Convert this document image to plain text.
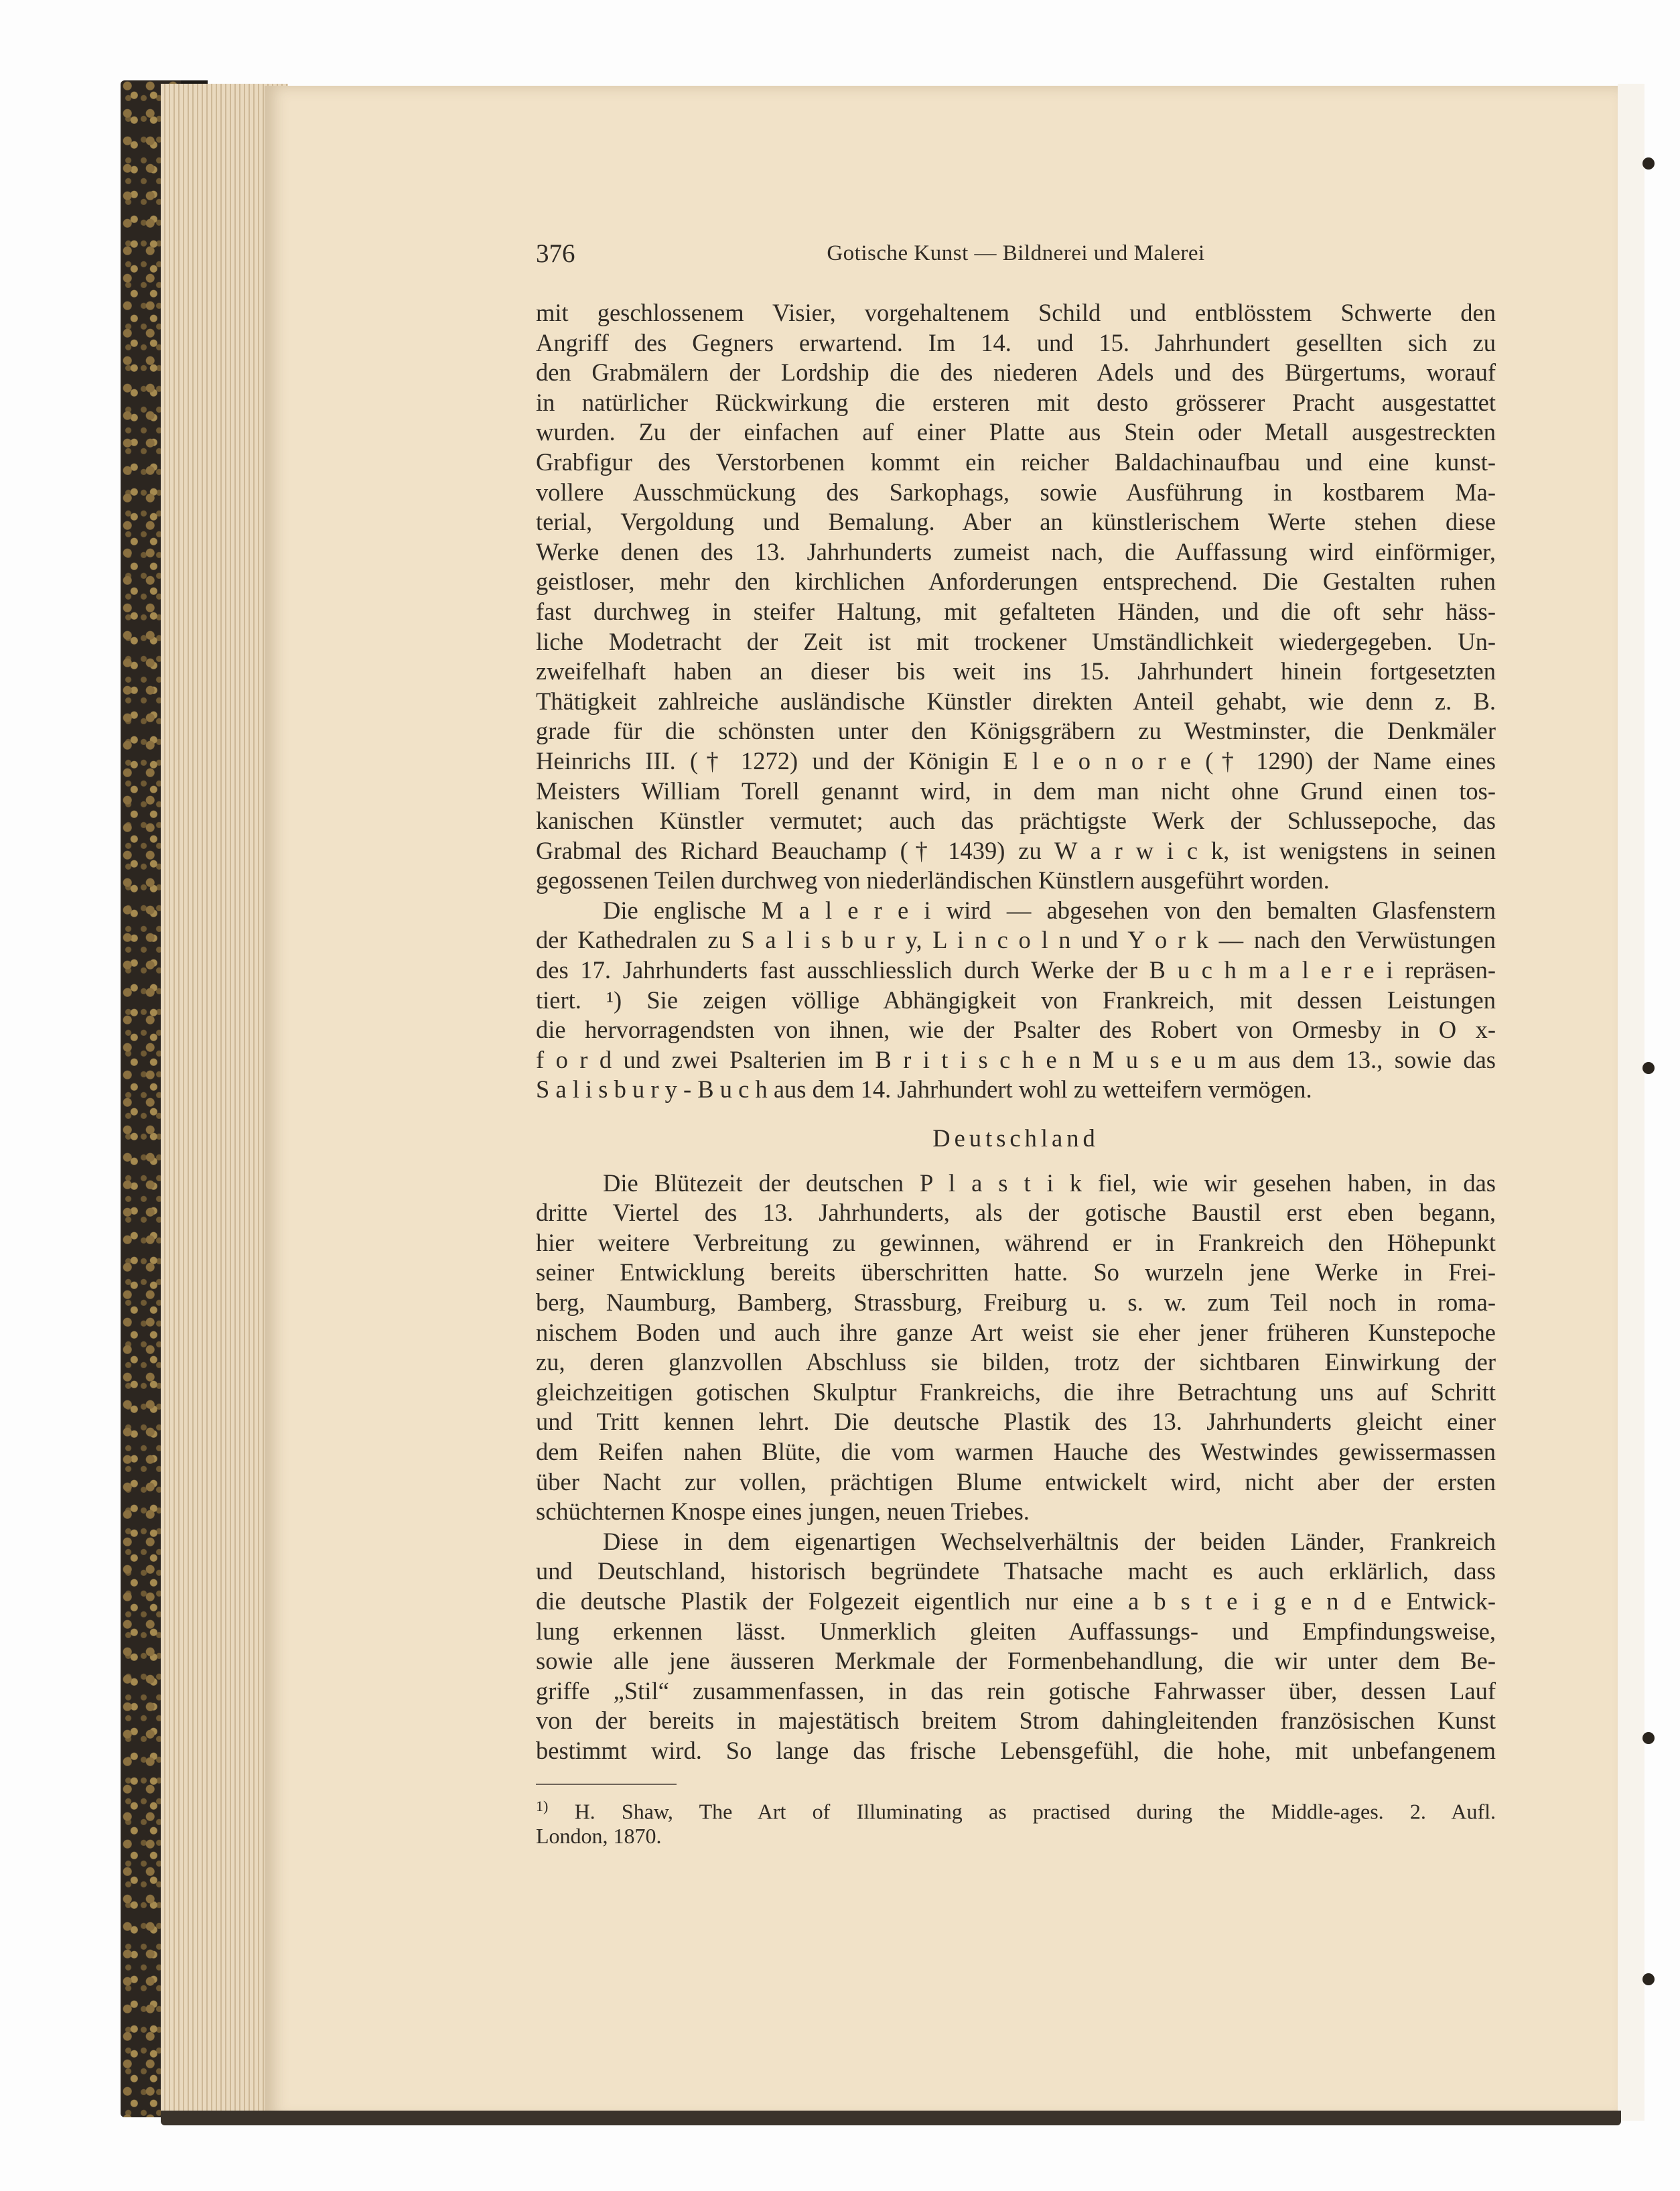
376	Gotische Kunst — Bildnerei und Malerei
mit geschlossenem Visier, vorgehaltenem Schild und entblösstem Schwerte den
Angriff des Gegners erwartend. Im 14. und 15. Jahrhundert gesellten sich zu
den Grabmälern der Lordship die des niederen Adels und des Bürgertums, worauf
in natürlicher Rückwirkung die ersteren mit desto grösserer Pracht ausgestattet
wurden. Zu der einfachen auf einer Platte aus Stein oder Metall ausgestreckten
Grabfigur des Verstorbenen kommt ein reicher Baldachinaufbau und eine kunst-
vollere Ausschmückung des Sarkophags, sowie Ausführung in kostbarem Ma-
terial, Vergoldung und Bemalung. Aber an künstlerischem Werte stehen diese
Werke denen des 13. Jahrhunderts zumeist nach, die Auffassung wird einförmiger,
geistloser, mehr den kirchlichen Anforderungen entsprechend. Die Gestalten ruhen
fast durchweg in steifer Haltung, mit gefalteten Händen, und die oft sehr häss-
liche Modetracht der Zeit ist mit trockener Umständlichkeit wiedergegeben. Un-
zweifelhaft haben an dieser bis weit ins 15. Jahrhundert hinein fortgesetzten
Thätigkeit zahlreiche ausländische Künstler direkten Anteil gehabt, wie denn z. B.
grade für die schönsten unter den Königsgräbern zu Westminster, die Denkmäler
Heinrichs III. († 1272) und der Königin E l e o n o r e († 1290) der Name eines
Meisters William Torell genannt wird, in dem man nicht ohne Grund einen tos-
kanischen Künstler vermutet; auch das prächtigste Werk der Schlussepoche, das
Grabmal des Richard Beauchamp († 1439) zu W a r w i c k, ist wenigstens in seinen
gegossenen Teilen durchweg von niederländischen Künstlern ausgeführt worden.
Die englische M a l e r e i wird — abgesehen von den bemalten Glasfenstern
der Kathedralen zu S a l i s b u r y, L i n c o l n und Y o r k — nach den Verwüstungen
des 17. Jahrhunderts fast ausschliesslich durch Werke der B u c h m a l e r e i repräsen-
tiert. ¹) Sie zeigen völlige Abhängigkeit von Frankreich, mit dessen Leistungen
die hervorragendsten von ihnen, wie der Psalter des Robert von Ormesby in O x-
f o r d und zwei Psalterien im B r i t i s c h e n M u s e u m aus dem 13., sowie das
S a l i s b u r y - B u c h aus dem 14. Jahrhundert wohl zu wetteifern vermögen.
Deutschland
Die Blütezeit der deutschen P l a s t i k fiel, wie wir gesehen haben, in das
dritte Viertel des 13. Jahrhunderts, als der gotische Baustil erst eben begann,
hier weitere Verbreitung zu gewinnen, während er in Frankreich den Höhepunkt
seiner Entwicklung bereits überschritten hatte. So wurzeln jene Werke in Frei-
berg, Naumburg, Bamberg, Strassburg, Freiburg u. s. w. zum Teil noch in roma-
nischem Boden und auch ihre ganze Art weist sie eher jener früheren Kunstepoche
zu, deren glanzvollen Abschluss sie bilden, trotz der sichtbaren Einwirkung der
gleichzeitigen gotischen Skulptur Frankreichs, die ihre Betrachtung uns auf Schritt
und Tritt kennen lehrt. Die deutsche Plastik des 13. Jahrhunderts gleicht einer
dem Reifen nahen Blüte, die vom warmen Hauche des Westwindes gewissermassen
über Nacht zur vollen, prächtigen Blume entwickelt wird, nicht aber der ersten
schüchternen Knospe eines jungen, neuen Triebes.
Diese in dem eigenartigen Wechselverhältnis der beiden Länder, Frankreich
und Deutschland, historisch begründete Thatsache macht es auch erklärlich, dass
die deutsche Plastik der Folgezeit eigentlich nur eine a b s t e i g e n d e Entwick-
lung erkennen lässt. Unmerklich gleiten Auffassungs- und Empfindungsweise,
sowie alle jene äusseren Merkmale der Formenbehandlung, die wir unter dem Be-
griffe „Stil“ zusammenfassen, in das rein gotische Fahrwasser über, dessen Lauf
von der bereits in majestätisch breitem Strom dahingleitenden französischen Kunst
bestimmt wird. So lange das frische Lebensgefühl, die hohe, mit unbefangenem
$^{1)}$ H. Shaw, The Art of Illuminating as practised during the Middle-ages. 2. Aufl.
London, 1870.
